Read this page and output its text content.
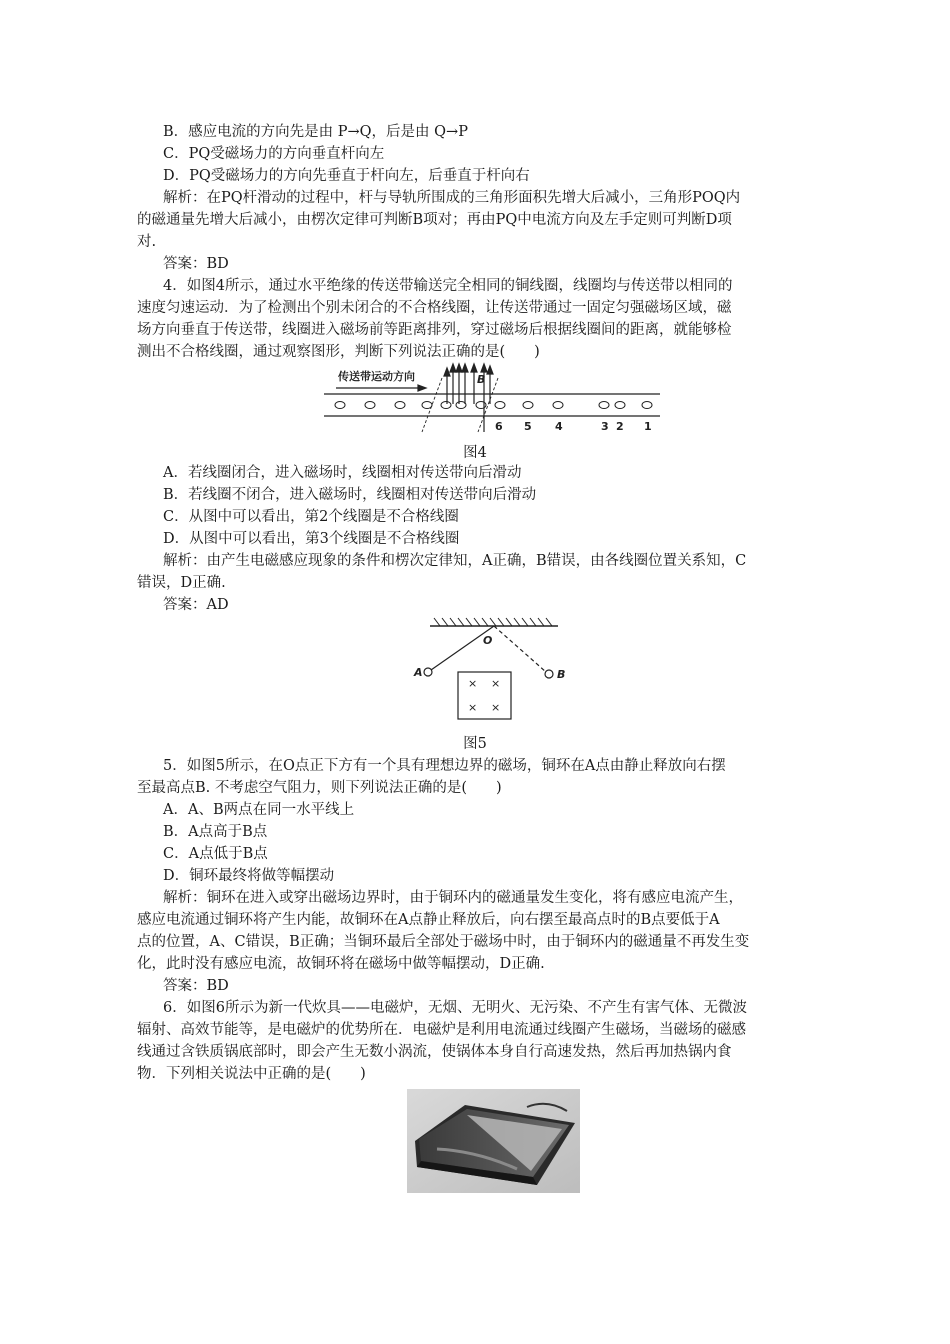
B．感应电流的方向先是由 P→Q，后是由 Q→P
C．PQ受磁场力的方向垂直杆向左
D．PQ受磁场力的方向先垂直于杆向左，后垂直于杆向右
解析：在PQ杆滑动的过程中，杆与导轨所围成的三角形面积先增大后减小，三角形POQ内
的磁通量先增大后减小，由楞次定律可判断B项对；再由PQ中电流方向及左手定则可判断D项
对.
答案：BD
4．如图4所示，通过水平绝缘的传送带输送完全相同的铜线圈，线圈均与传送带以相同的
速度匀速运动．为了检测出个别未闭合的不合格线圈，让传送带通过一固定匀强磁场区域，磁
场方向垂直于传送带，线圈进入磁场前等距离排列，穿过磁场后根据线圈间的距离，就能够检
测出不合格线圈，通过观察图形，判断下列说法正确的是(　　)
传送带运动方向	B
6 5 4	3 2 1
图4
A．若线圈闭合，进入磁场时，线圈相对传送带向后滑动
B．若线圈不闭合，进入磁场时，线圈相对传送带向后滑动
C．从图中可以看出，第2个线圈是不合格线圈
D．从图中可以看出，第3个线圈是不合格线圈
解析：由产生电磁感应现象的条件和楞次定律知，A正确，B错误，由各线圈位置关系知，C
错误，D正确.
答案：AD
O
A	B
× ×
× ×
图5
5．如图5所示，在O点正下方有一个具有理想边界的磁场，铜环在A点由静止释放向右摆
至最高点B. 不考虑空气阻力，则下列说法正确的是(　　)
A．A、B两点在同一水平线上
B．A点高于B点
C．A点低于B点
D．铜环最终将做等幅摆动
解析：铜环在进入或穿出磁场边界时，由于铜环内的磁通量发生变化，将有感应电流产生，
感应电流通过铜环将产生内能，故铜环在A点静止释放后，向右摆至最高点时的B点要低于A
点的位置，A、C错误，B正确；当铜环最后全部处于磁场中时，由于铜环内的磁通量不再发生变
化，此时没有感应电流，故铜环将在磁场中做等幅摆动，D正确.
答案：BD
6．如图6所示为新一代炊具——电磁炉，无烟、无明火、无污染、不产生有害气体、无微波
辐射、高效节能等，是电磁炉的优势所在．电磁炉是利用电流通过线圈产生磁场，当磁场的磁感
线通过含铁质锅底部时，即会产生无数小涡流，使锅体本身自行高速发热，然后再加热锅内食
物．下列相关说法中正确的是(　　)
